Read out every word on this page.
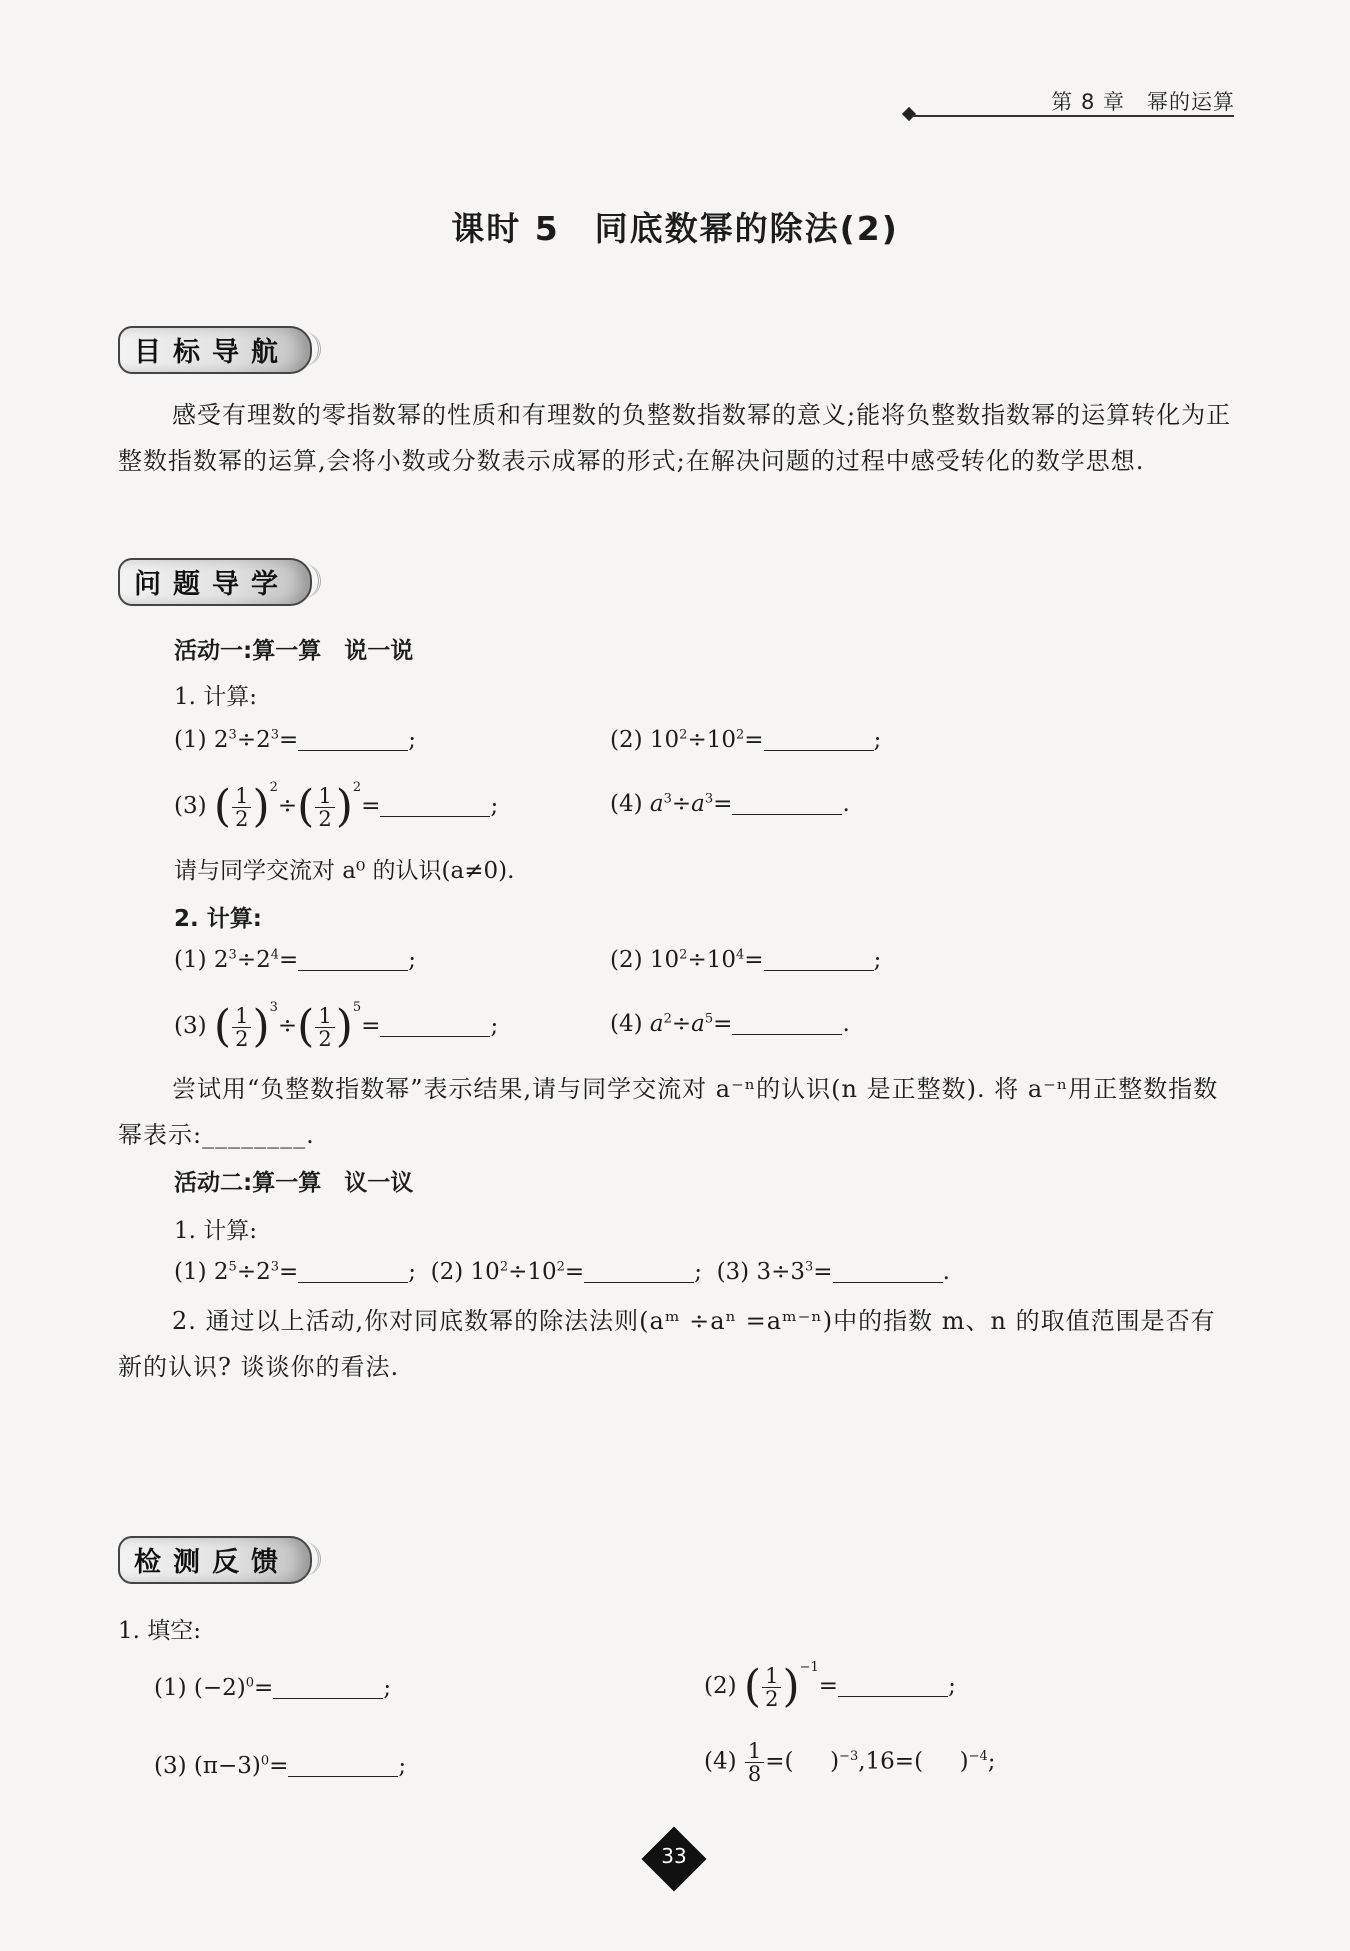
第 8 章 幂的运算
课时 5　同底数幂的除法(2)
目标导航
感受有理数的零指数幂的性质和有理数的负整数指数幂的意义;能将负整数指数幂的运算转化为正整数指数幂的运算,会将小数或分数表示成幂的形式;在解决问题的过程中感受转化的数学思想.
问题导学
活动一:算一算　说一说
1. 计算:
(1) $2^3\div 2^3=$	;	(2) $10^2\div 10^2=$	;
(3) ( $\frac{1}{2} )^2\div( \frac{1}{2} )^2=$	;	(4) $a^3\div a^3=$	.
请与同学交流对 a⁰ 的认识(a≠0).
2. 计算:
(1) $2^3\div 2^4=$	;	(2) $10^2\div 10^4=$	;
(3) ( $\frac{1}{2} )^3\div( \frac{1}{2} )^5=$	;	(4) $a^2\div a^5=$	.
尝试用“负整数指数幂”表示结果,请与同学交流对 a⁻ⁿ的认识(n 是正整数). 将 a⁻ⁿ用正整数指数幂表示:________.
活动二:算一算　议一议
1. 计算:
(1) $2^5\div 2^3=$	;  (2) $10^2\div 10^2=$	;  (3) $3\div 3^3=$	.
2. 通过以上活动,你对同底数幂的除法法则(aᵐ ÷aⁿ =aᵐ⁻ⁿ)中的指数 m、n 的取值范围是否有新的认识? 谈谈你的看法.
检测反馈
1. 填空:
(1) $(-2)^0=$	;	(2) ( $\frac{1}{2} )^{-1}=$	;
(3) $(\pi-3)^0=$	;	$(4) \frac{1}{8}$ =(     )$^{-3}$,16=(     )$^{-4}$;
33
